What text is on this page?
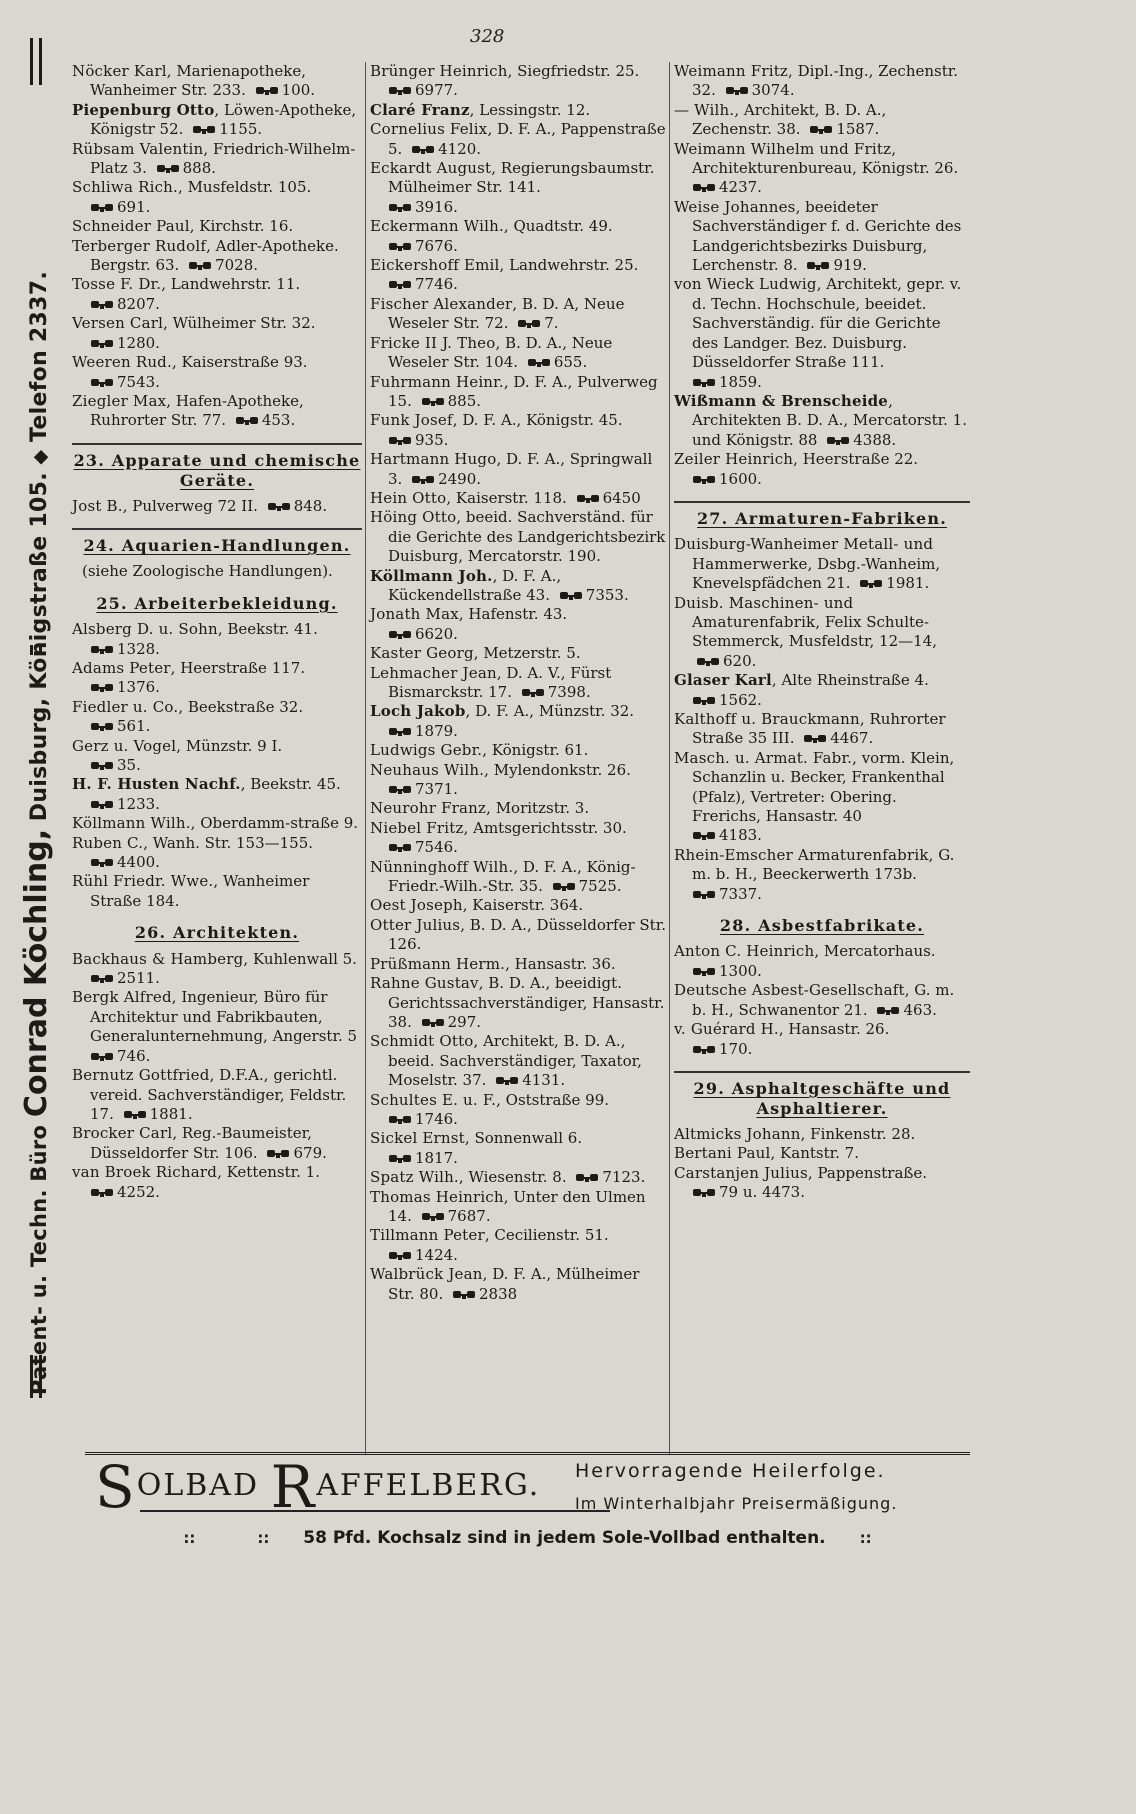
Patent- u. Techn. Büro Conrad Köchling, Duisburg, Königstraße 105. ◆ Telefon 2337.
328
Nöcker Karl, Marienapotheke, Wanheimer Str. 233. 100.
Piepenburg Otto, Löwen-Apotheke, Königstr 52. 1155.
Rübsam Valentin, Friedrich-Wilhelm-Platz 3. 888.
Schliwa Rich., Musfeldstr. 105.
691.
Schneider Paul, Kirchstr. 16.
Terberger Rudolf, Adler-Apotheke. Bergstr. 63. 7028.
Tosse F. Dr., Landwehrstr. 11.
8207.
Versen Carl, Wülheimer Str. 32.
1280.
Weeren Rud., Kaiserstraße 93.
7543.
Ziegler Max, Hafen-Apotheke, Ruhrorter Str. 77. 453.
23. Apparate und chemische
Geräte.
Jost B., Pulverweg 72 II. 848.
24. Aquarien-Handlungen.
(siehe Zoologische Handlungen).
25. Arbeiterbekleidung.
Alsberg D. u. Sohn, Beekstr. 41.
1328.
Adams Peter, Heerstraße 117.
1376.
Fiedler u. Co., Beekstraße 32.
561.
Gerz u. Vogel, Münzstr. 9 I.
35.
H. F. Husten Nachf., Beekstr. 45.
1233.
Köllmann Wilh., Oberdamm-straße 9.
Ruben C., Wanh. Str. 153—155.
4400.
Rühl Friedr. Wwe., Wanheimer Straße 184.
26. Architekten.
Backhaus & Hamberg, Kuhlenwall 5.
2511.
Bergk Alfred, Ingenieur, Büro für Architektur und Fabrikbauten, Generalunternehmung, Angerstr. 5
746.
Bernutz Gottfried, D.F.A., gerichtl. vereid. Sachverständiger, Feldstr. 17. 1881.
Brocker Carl, Reg.-Baumeister, Düsseldorfer Str. 106. 679.
van Broek Richard, Kettenstr. 1.
4252.
Brünger Heinrich, Siegfriedstr. 25.
6977.
Claré Franz, Lessingstr. 12.
Cornelius Felix, D. F. A., Pappenstraße 5. 4120.
Eckardt August, Regierungsbaumstr. Mülheimer Str. 141.
3916.
Eckermann Wilh., Quadtstr. 49.
7676.
Eickershoff Emil, Landwehrstr. 25.
7746.
Fischer Alexander, B. D. A, Neue Weseler Str. 72. 7.
Fricke II J. Theo, B. D. A., Neue Weseler Str. 104. 655.
Fuhrmann Heinr., D. F. A., Pulverweg 15. 885.
Funk Josef, D. F. A., Königstr. 45.
935.
Hartmann Hugo, D. F. A., Springwall 3. 2490.
Hein Otto, Kaiserstr. 118. 6450
Höing Otto, beeid. Sachverständ. für die Gerichte des Landgerichtsbezirk Duisburg, Mercatorstr. 190.
Köllmann Joh., D. F. A., Kückendellstraße 43. 7353.
Jonath Max, Hafenstr. 43.
6620.
Kaster Georg, Metzerstr. 5.
Lehmacher Jean, D. A. V., Fürst Bismarckstr. 17. 7398.
Loch Jakob, D. F. A., Münzstr. 32.
1879.
Ludwigs Gebr., Königstr. 61.
Neuhaus Wilh., Mylendonkstr. 26.
7371.
Neurohr Franz, Moritzstr. 3.
Niebel Fritz, Amtsgerichtsstr. 30.
7546.
Nünninghoff Wilh., D. F. A., König-Friedr.-Wilh.-Str. 35. 7525.
Oest Joseph, Kaiserstr. 364.
Otter Julius, B. D. A., Düsseldorfer Str. 126.
Prüßmann Herm., Hansastr. 36.
Rahne Gustav, B. D. A., beeidigt. Gerichtssachverständiger, Hansastr. 38. 297.
Schmidt Otto, Architekt, B. D. A., beeid. Sachverständiger, Taxator, Moselstr. 37. 4131.
Schultes E. u. F., Oststraße 99.
1746.
Sickel Ernst, Sonnenwall 6.
1817.
Spatz Wilh., Wiesenstr. 8. 7123.
Thomas Heinrich, Unter den Ulmen 14. 7687.
Tillmann Peter, Cecilienstr. 51.
1424.
Walbrück Jean, D. F. A., Mülheimer Str. 80. 2838
Weimann Fritz, Dipl.-Ing., Zechenstr. 32. 3074.
— Wilh., Architekt, B. D. A., Zechenstr. 38. 1587.
Weimann Wilhelm und Fritz, Architekturenbureau, Königstr. 26.
4237.
Weise Johannes, beeideter Sachverständiger f. d. Gerichte des Landgerichtsbezirks Duisburg, Lerchenstr. 8. 919.
von Wieck Ludwig, Architekt, gepr. v. d. Techn. Hochschule, beeidet. Sachverständig. für die Gerichte des Landger. Bez. Duisburg. Düsseldorfer Straße 111.
1859.
Wißmann & Brenscheide, Architekten B. D. A., Mercatorstr. 1. und Königstr. 88 4388.
Zeiler Heinrich, Heerstraße 22.
1600.
27. Armaturen-Fabriken.
Duisburg-Wanheimer Metall- und Hammerwerke, Dsbg.-Wanheim, Knevelspfädchen 21. 1981.
Duisb. Maschinen- und Amaturenfabrik, Felix Schulte-Stemmerck, Musfeldstr, 12—14,
620.
Glaser Karl, Alte Rheinstraße 4.
1562.
Kalthoff u. Brauckmann, Ruhrorter Straße 35 III. 4467.
Masch. u. Armat. Fabr., vorm. Klein, Schanzlin u. Becker, Frankenthal (Pfalz), Vertreter: Obering. Frerichs, Hansastr. 40
4183.
Rhein-Emscher Armaturenfabrik, G. m. b. H., Beeckerwerth 173b.
7337.
28. Asbestfabrikate.
Anton C. Heinrich, Mercatorhaus.
1300.
Deutsche Asbest-Gesellschaft, G. m. b. H., Schwanentor 21. 463.
v. Guérard H., Hansastr. 26.
170.
29. Asphaltgeschäfte und
Asphaltierer.
Altmicks Johann, Finkenstr. 28.
Bertani Paul, Kantstr. 7.
Carstanjen Julius, Pappenstraße.
79 u. 4473.
SOLBAD RAFFELBERG. Hervorragende Heilerfolge.
Im Winterhalbjahr Preisermäßigung.
::	:: 58 Pfd. Kochsalz sind in jedem Sole-Vollbad enthalten. ::
